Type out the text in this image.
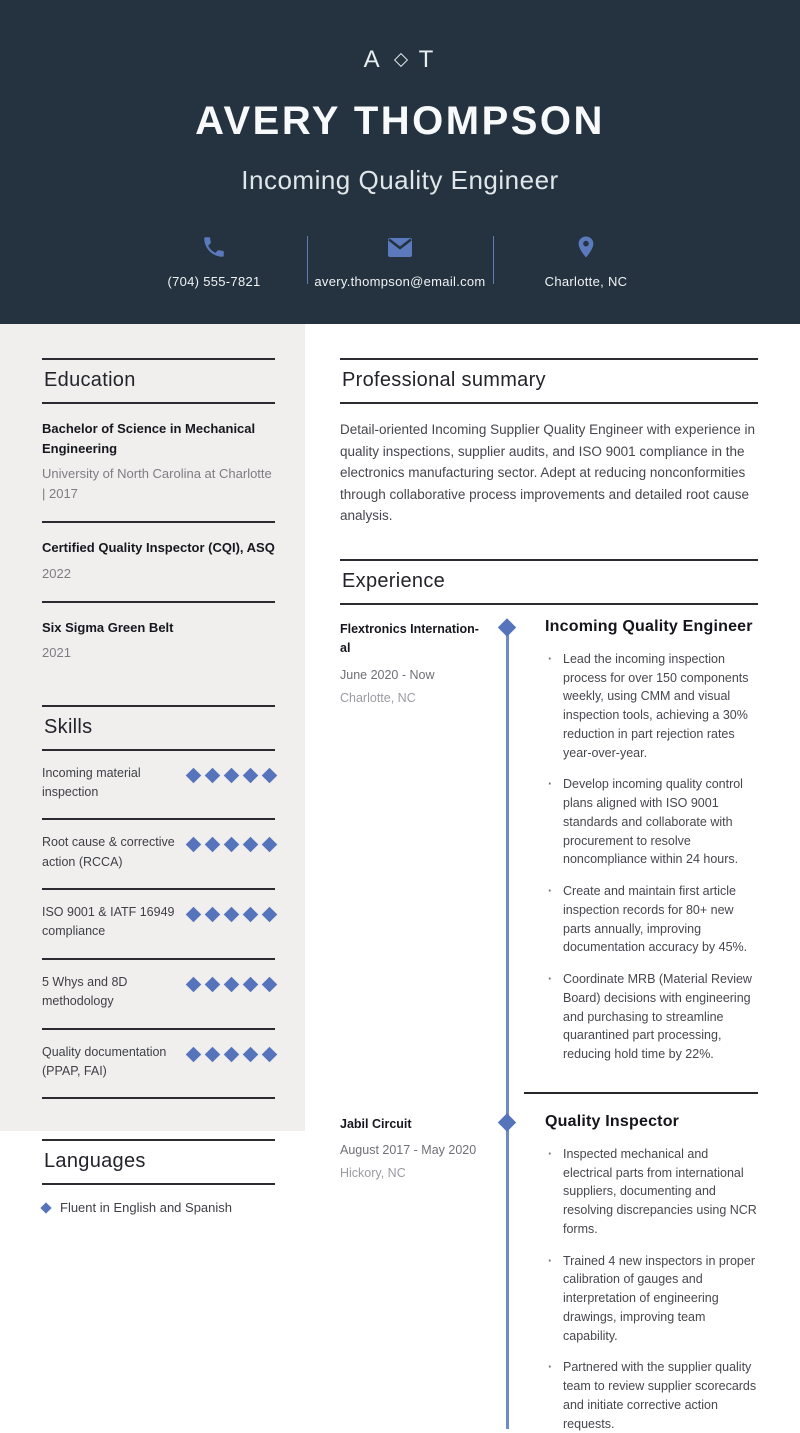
A T
AVERY THOMPSON
Incoming Quality Engineer
(704) 555-7821	avery.thompson@email.com	Charlotte, NC
Education
Bachelor of Science in Mechanical Engineering
University of North Carolina at Charlotte | 2017
Certified Quality Inspector (CQI), ASQ
2022
Six Sigma Green Belt
2021
Skills
Incoming material inspection
Root cause & corrective action (RCCA)
ISO 9001 & IATF 16949 compliance
5 Whys and 8D methodology
Quality documentation (PPAP, FAI)
Languages
Fluent in English and Spanish
Professional summary

Detail-oriented Incoming Supplier Quality Engineer with experience in quality inspections, supplier audits, and ISO 9001 compliance in the electronics manufacturing sector. Adept at reducing nonconformities through collaborative process improvements and detailed root cause analysis.

Experience
Flextronics Internation-
al
June 2020 - Now
Charlotte, NC
Incoming Quality Engineer
· Lead the incoming inspection process for over 150 components weekly, using CMM and visual inspection tools, achieving a 30% reduction in part rejection rates year-over-year.
· Develop incoming quality control plans aligned with ISO 9001 standards and collaborate with procurement to resolve noncompliance within 24 hours.
· Create and maintain first article inspection records for 80+ new parts annually, improving documentation accuracy by 45%.
· Coordinate MRB (Material Review Board) decisions with engineering and purchasing to streamline quarantined part processing, reducing hold time by 22%.
Jabil Circuit
August 2017 - May 2020
Hickory, NC
Quality Inspector
· Inspected mechanical and electrical parts from international suppliers, documenting and resolving discrepancies using NCR forms.
· Trained 4 new inspectors in proper calibration of gauges and interpretation of engineering drawings, improving team capability.
· Partnered with the supplier quality team to review supplier scorecards and initiate corrective action requests.
